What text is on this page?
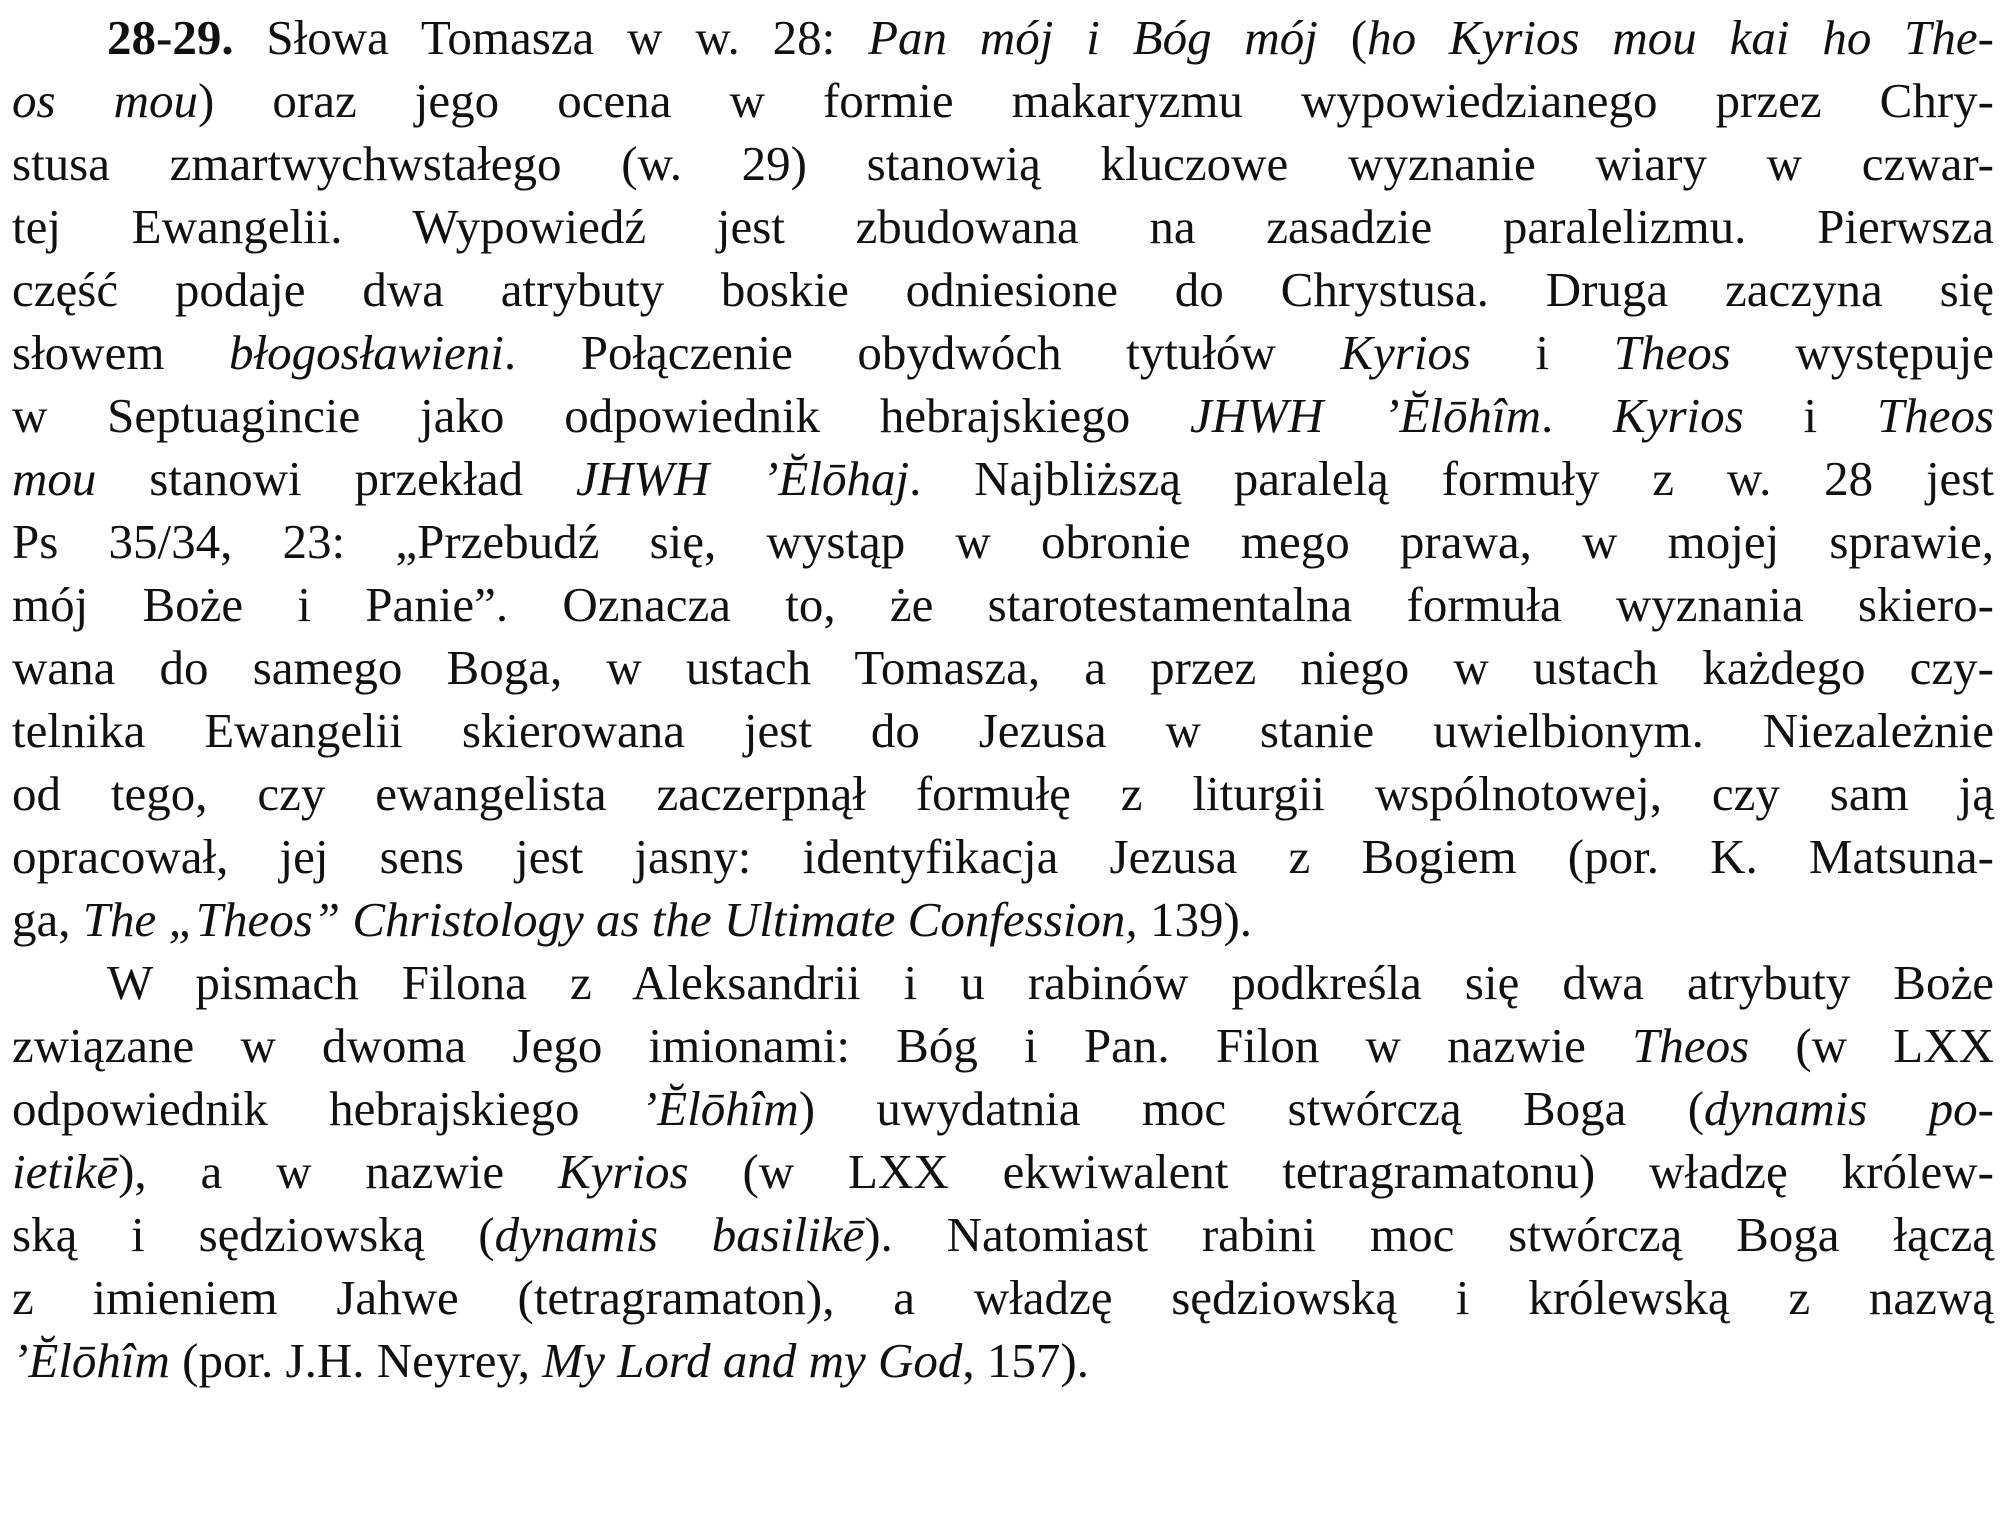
28-29. Słowa Tomasza w w. 28: Pan mój i Bóg mój (ho Kyrios mou kai ho The-
os mou) oraz jego ocena w formie makaryzmu wypowiedzianego przez Chry-
stusa zmartwychwstałego (w. 29) stanowią kluczowe wyznanie wiary w czwar-
tej Ewangelii. Wypowiedź jest zbudowana na zasadzie paralelizmu. Pierwsza
część podaje dwa atrybuty boskie odniesione do Chrystusa. Druga zaczyna się
słowem błogosławieni. Połączenie obydwóch tytułów Kyrios i Theos występuje
w Septuagincie jako odpowiednik hebrajskiego JHWH ’Ĕlōhîm. Kyrios i Theos
mou stanowi przekład JHWH ’Ĕlōhaj. Najbliższą paralelą formuły z w. 28 jest
Ps 35/34, 23: „Przebudź się, wystąp w obronie mego prawa, w mojej sprawie,
mój Boże i Panie”. Oznacza to, że starotestamentalna formuła wyznania skiero-
wana do samego Boga, w ustach Tomasza, a przez niego w ustach każdego czy-
telnika Ewangelii skierowana jest do Jezusa w stanie uwielbionym. Niezależnie
od tego, czy ewangelista zaczerpnął formułę z liturgii wspólnotowej, czy sam ją
opracował, jej sens jest jasny: identyfikacja Jezusa z Bogiem (por. K. Matsuna-
ga, The „Theos” Christology as the Ultimate Confession, 139).
W pismach Filona z Aleksandrii i u rabinów podkreśla się dwa atrybuty Boże
związane w dwoma Jego imionami: Bóg i Pan. Filon w nazwie Theos (w LXX
odpowiednik hebrajskiego ’Ĕlōhîm) uwydatnia moc stwórczą Boga (dynamis po-
ietikē), a w nazwie Kyrios (w LXX ekwiwalent tetragramatonu) władzę królew-
ską i sędziowską (dynamis basilikē). Natomiast rabini moc stwórczą Boga łączą
z imieniem Jahwe (tetragramaton), a władzę sędziowską i królewską z nazwą
’Ĕlōhîm (por. J.H. Neyrey, My Lord and my God, 157).
